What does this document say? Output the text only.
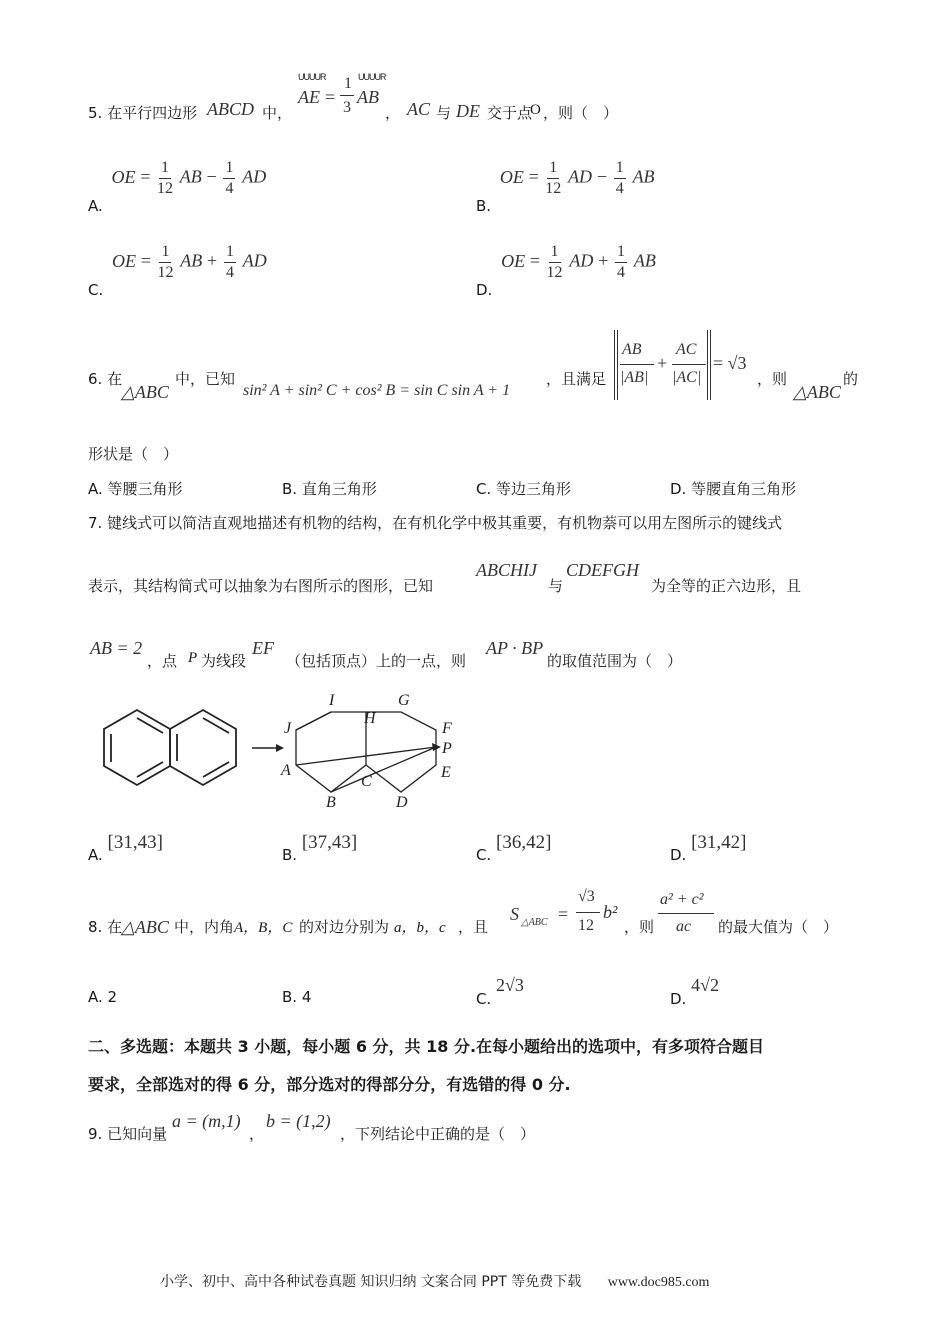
5. 在平行四边形 ABCD 中，
UUUUR
AE =
1
3
UUUUR
AB
， AC 与 DE 交于点
O ，则（　）
A. OE = $\frac{1}{12}$ AB − $\frac{1}{4}$ AD
B. OE = $\frac{1}{12}$ AD − $\frac{1}{4}$ AB
C. OE = $\frac{1}{12}$ AB + $\frac{1}{4}$ AD
D. OE = $\frac{1}{12}$ AD + $\frac{1}{4}$ AB
6. 在
△ABC
中，已知
sin² A + sin² C + cos² B = sin C sin A + 1
，且满足
AB
|AB|
+
AC
|AC|
= √3
，则
△ABC
的
形状是（　）
A. 等腰三角形	B. 直角三角形	C. 等边三角形	D. 等腰直角三角形
7. 键线式可以简洁直观地描述有机物的结构，在有机化学中极其重要，有机物萘可以用左图所示的键线式
表示，其结构简式可以抽象为右图所示的图形，已知
ABCHIJ
与
CDEFGH
为全等的正六边形，且
AB = 2
，点 P 为线段
EF
（包括顶点）上的一点，则
AP · BP
的取值范围为（　）
I
H
G
J	F
P
A	E
C
B	D
A. [31,43]
B. [37,43]
C. [36,42]
D. [31,42]
8. 在
△ABC 中，内角 A，B，C 的对边分别为 a，b，c ，且
S △ABC =
√3
12
b²
，则
a² + c²
ac 的最大值为（　）
A. 2	B. 4	C. 2√3
D. 4√2
二、多选题：本题共 3 小题，每小题 6 分，共 18 分.在每小题给出的选项中，有多项符合题目
要求，全部选对的得 6 分，部分选对的得部分分，有选错的得 0 分.
9. 已知向量
a = (m,1)
，
b = (1,2)
，下列结论中正确的是（　）
小学、初中、高中各种试卷真题 知识归纳 文案合同 PPT 等免费下载 www.doc985.com
